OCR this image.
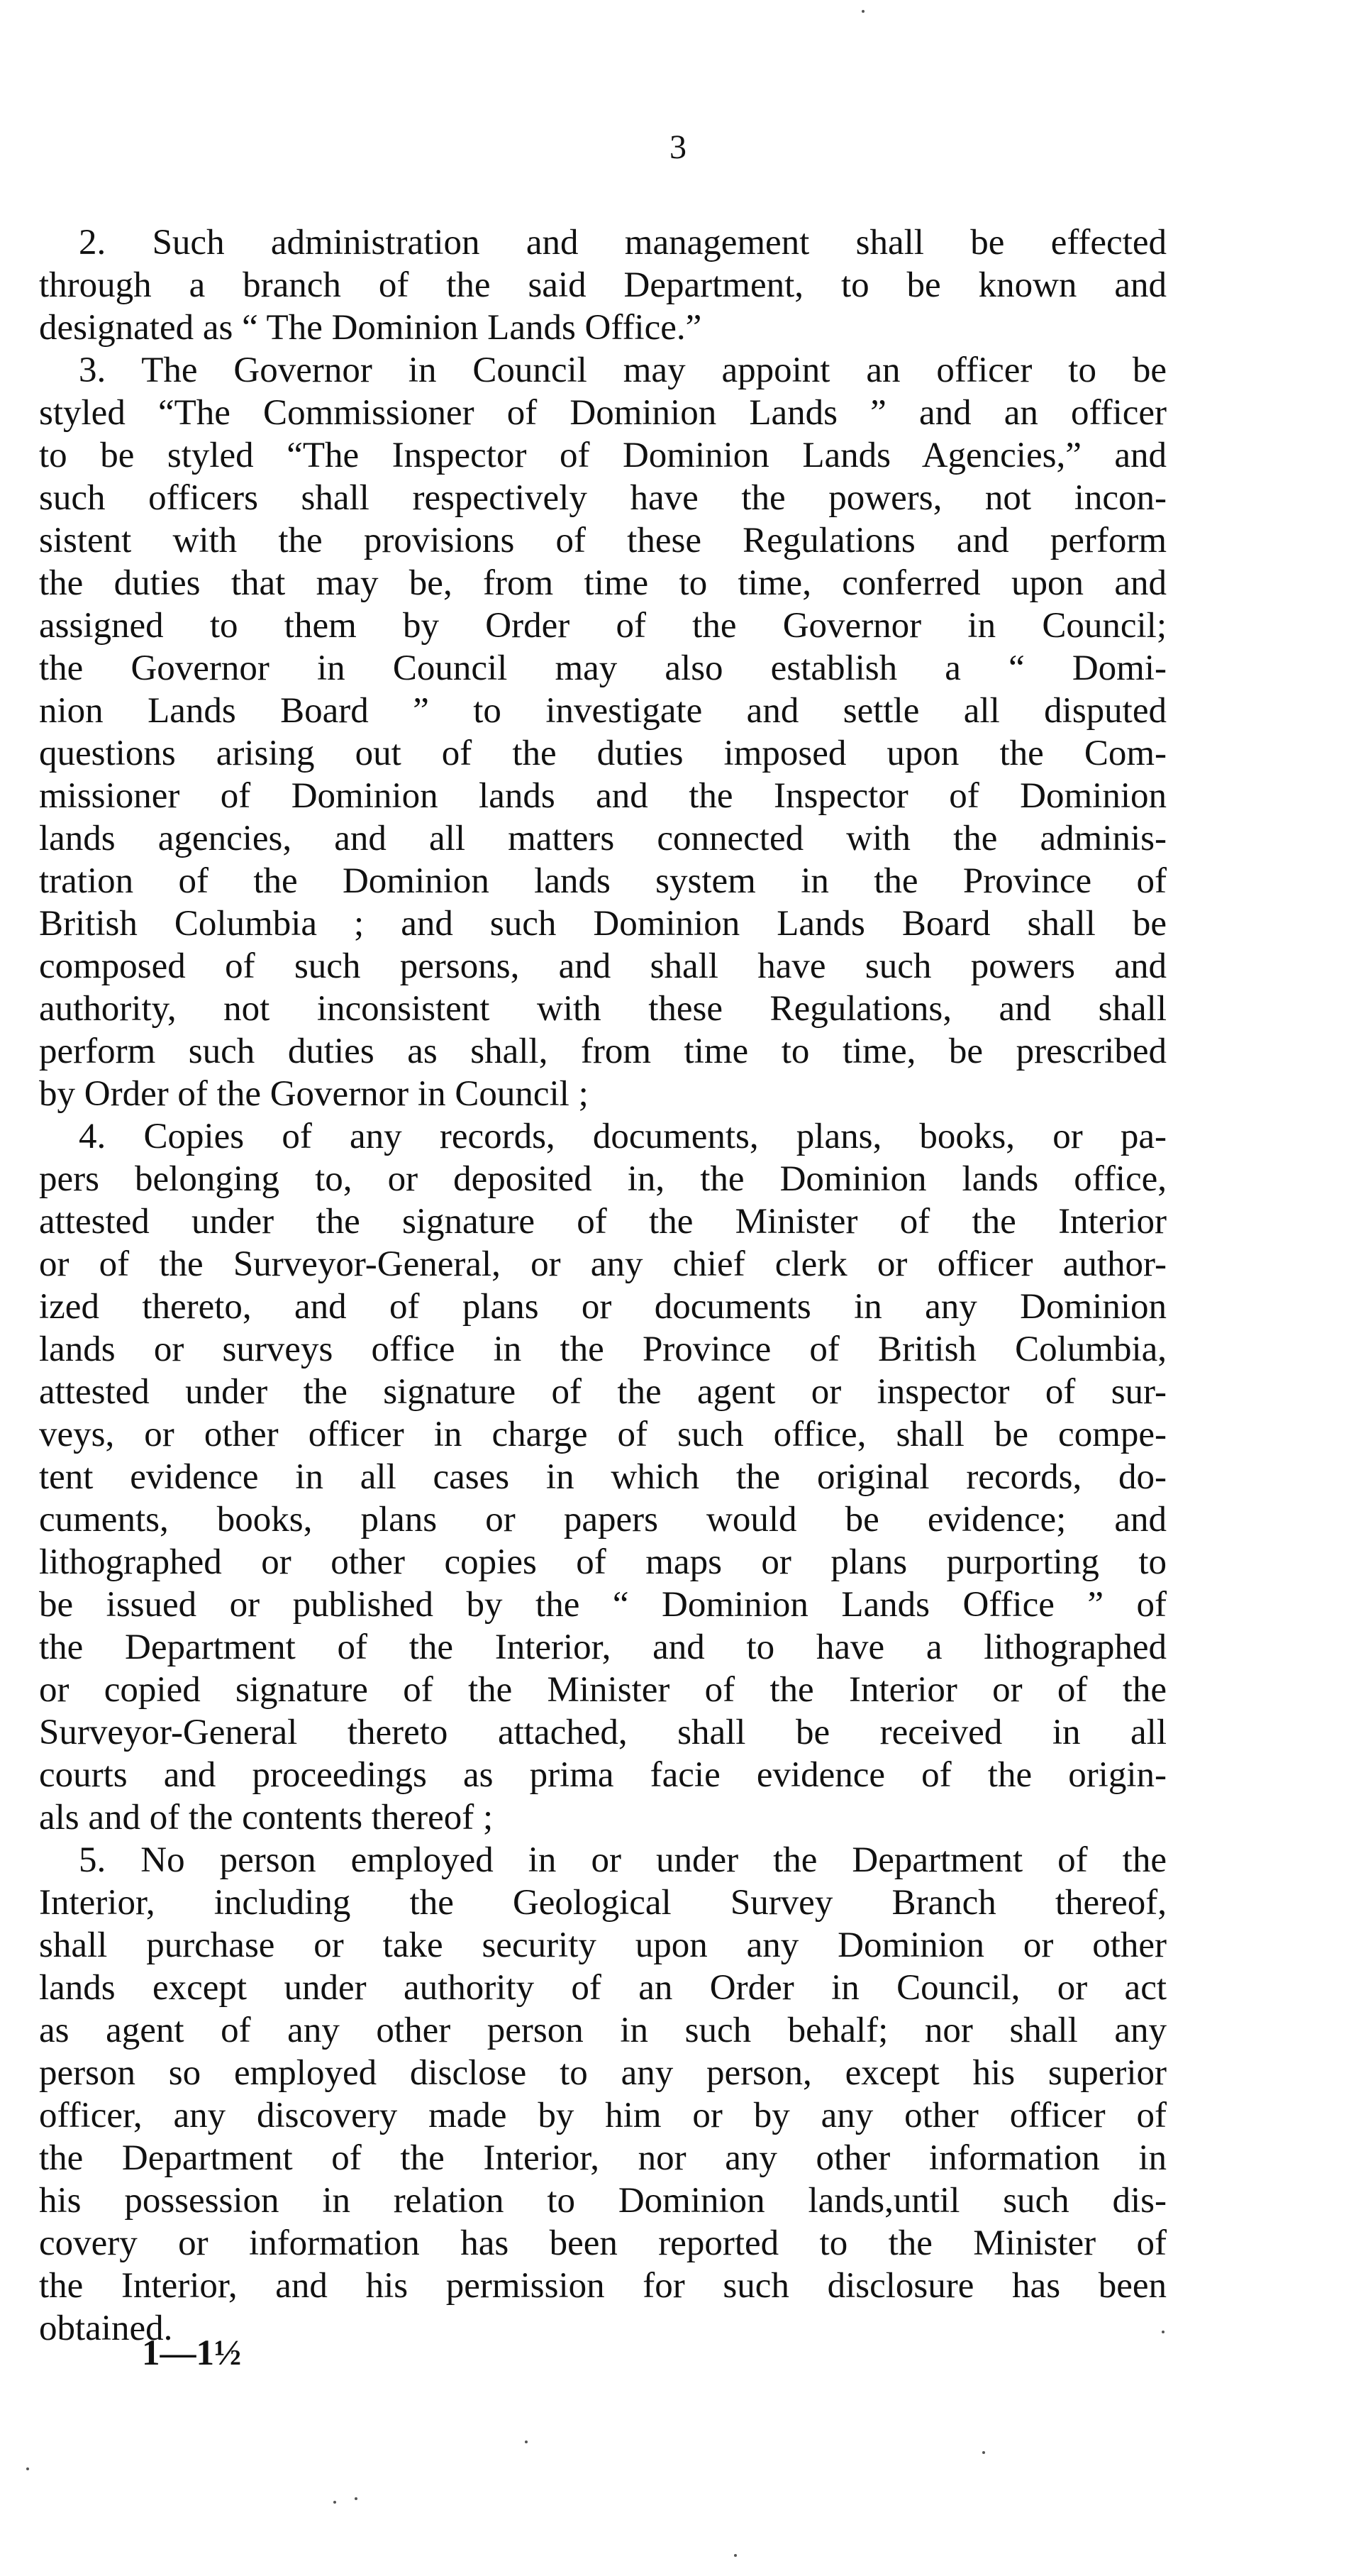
3
2. Such administration and management shall be effected
through a branch of the said Department, to be known and
designated as “ The Dominion Lands Office.”
3. The Governor in Council may appoint an officer to be
styled “The Commissioner of Dominion Lands ” and an officer
to be styled “The Inspector of Dominion Lands Agencies,” and
such officers shall respectively have the powers, not incon-
sistent with the provisions of these Regulations and perform
the duties that may be, from time to time, conferred upon and
assigned to them by Order of the Governor in Council;
the Governor in Council may also establish a “ Domi-
nion Lands Board ” to investigate and settle all disputed
questions arising out of the duties imposed upon the Com-
missioner of Dominion lands and the Inspector of Dominion
lands agencies, and all matters connected with the adminis-
tration of the Dominion lands system in the Province of
British Columbia ; and such Dominion Lands Board shall be
composed of such persons, and shall have such powers and
authority, not inconsistent with these Regulations, and shall
perform such duties as shall, from time to time, be prescribed
by Order of the Governor in Council ;
4. Copies of any records, documents, plans, books, or pa-
pers belonging to, or deposited in, the Dominion lands office,
attested under the signature of the Minister of the Interior
or of the Surveyor-General, or any chief clerk or officer author-
ized thereto, and of plans or documents in any Dominion
lands or surveys office in the Province of British Columbia,
attested under the signature of the agent or inspector of sur-
veys, or other officer in charge of such office, shall be compe-
tent evidence in all cases in which the original records, do-
cuments, books, plans or papers would be evidence; and
lithographed or other copies of maps or plans purporting to
be issued or published by the “ Dominion Lands Office ” of
the Department of the Interior, and to have a lithographed
or copied signature of the Minister of the Interior or of the
Surveyor-General thereto attached, shall be received in all
courts and proceedings as prima facie evidence of the origin-
als and of the contents thereof ;
5. No person employed in or under the Department of the
Interior, including the Geological Survey Branch thereof,
shall purchase or take security upon any Dominion or other
lands except under authority of an Order in Council, or act
as agent of any other person in such behalf; nor shall any
person so employed disclose to any person, except his superior
officer, any discovery made by him or by any other officer of
the Department of the Interior, nor any other information in
his possession in relation to Dominion lands,until such dis-
covery or information has been reported to the Minister of
the Interior, and his permission for such disclosure has been
obtained.
1—1½
